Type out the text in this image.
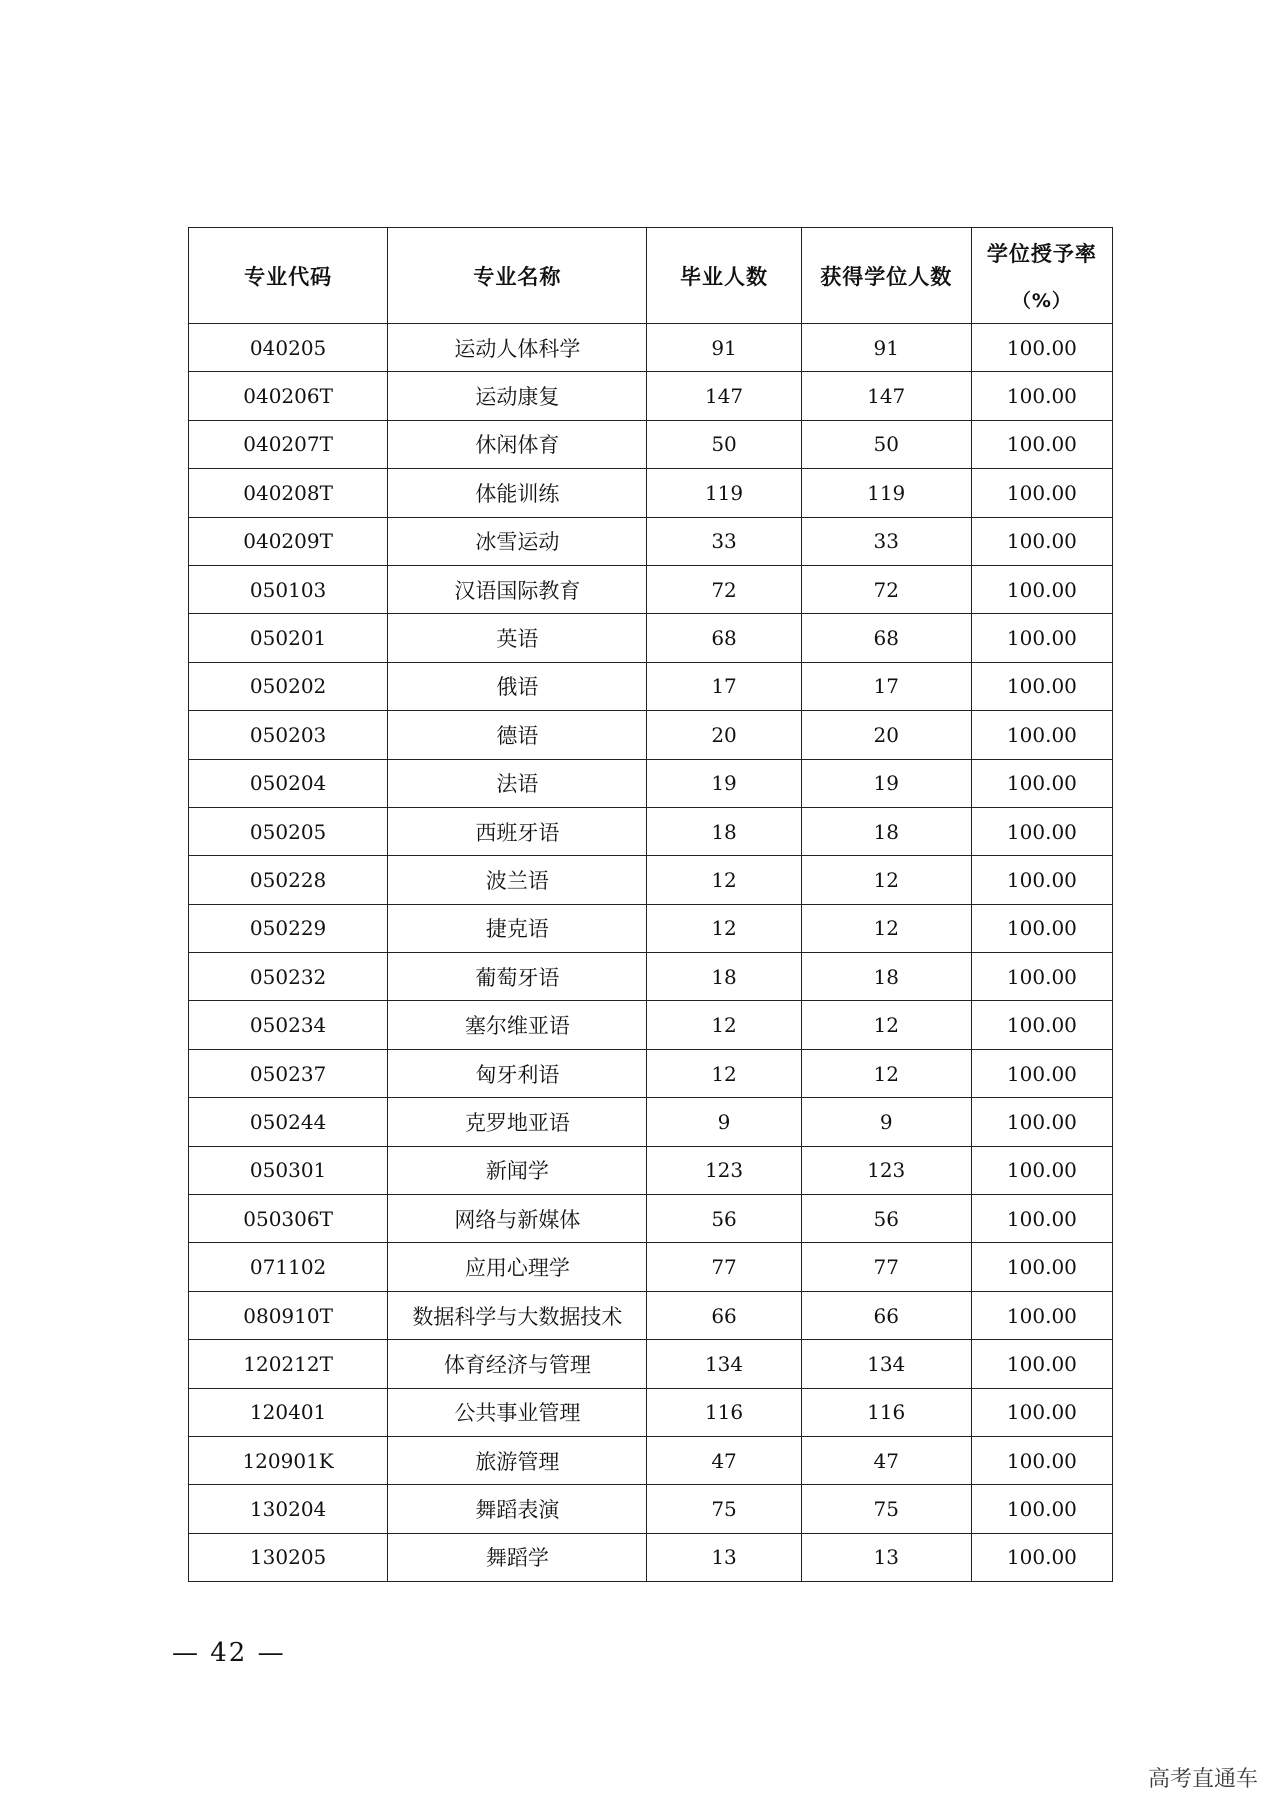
专业代码	专业名称	毕业人数	获得学位人数	学位授予率
（%）

040205	运动人体科学	91	91	100.00
040206T	运动康复	147	147	100.00
040207T	休闲体育	50	50	100.00
040208T	体能训练	119	119	100.00
040209T	冰雪运动	33	33	100.00
050103	汉语国际教育	72	72	100.00
050201	英语	68	68	100.00
050202	俄语	17	17	100.00
050203	德语	20	20	100.00
050204	法语	19	19	100.00
050205	西班牙语	18	18	100.00
050228	波兰语	12	12	100.00
050229	捷克语	12	12	100.00
050232	葡萄牙语	18	18	100.00
050234	塞尔维亚语	12	12	100.00
050237	匈牙利语	12	12	100.00
050244	克罗地亚语	9	9	100.00
050301	新闻学	123	123	100.00
050306T	网络与新媒体	56	56	100.00
071102	应用心理学	77	77	100.00
080910T	数据科学与大数据技术	66	66	100.00
120212T	体育经济与管理	134	134	100.00
120401	公共事业管理	116	116	100.00
120901K	旅游管理	47	47	100.00
130204	舞蹈表演	75	75	100.00
130205	舞蹈学	13	13	100.00
— 42 —
高考直通车
